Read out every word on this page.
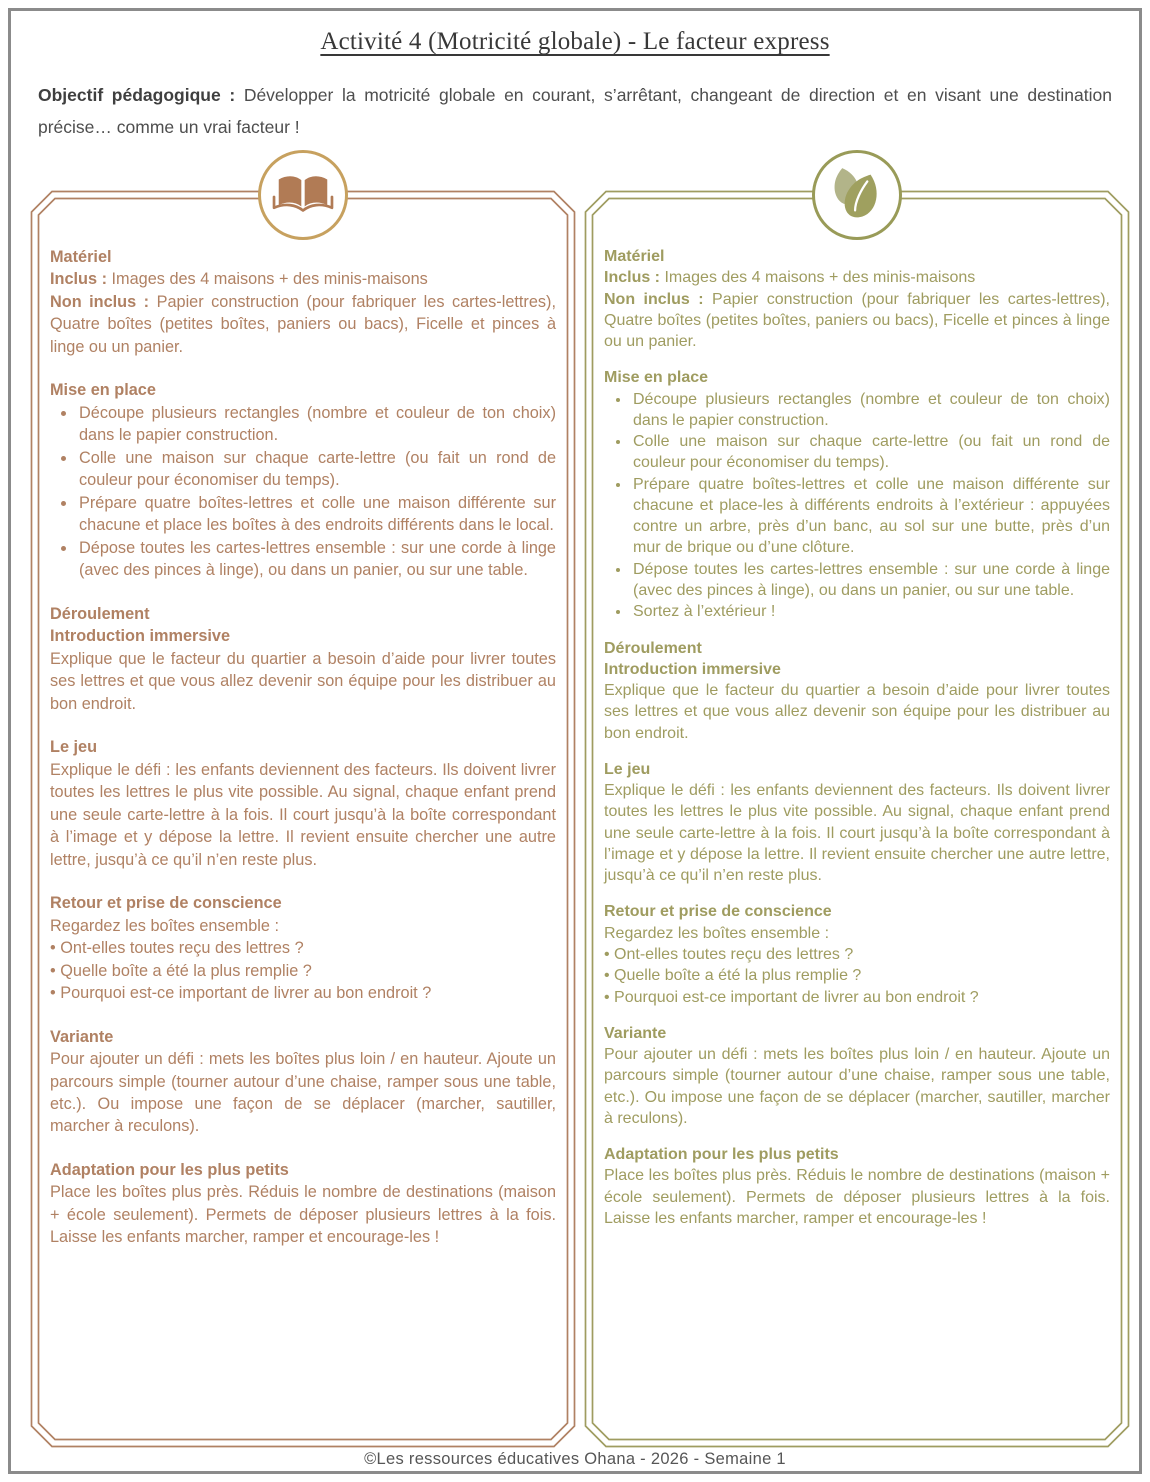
Activité 4 (Motricité globale) - Le facteur express
Objectif pédagogique : Développer la motricité globale en courant, s’arrêtant, changeant de direction et en visant une destination précise… comme un vrai facteur !
Matériel

Inclus : Images des 4 maisons + des minis-maisons

Non inclus : Papier construction (pour fabriquer les cartes-lettres), Quatre boîtes (petites boîtes, paniers ou bacs), Ficelle et pinces à linge ou un panier.

Mise en place
• Découpe plusieurs rectangles (nombre et couleur de ton choix) dans le papier construction.
• Colle une maison sur chaque carte-lettre (ou fait un rond de couleur pour économiser du temps).
• Prépare quatre boîtes-lettres et colle une maison différente sur chacune et place les boîtes à des endroits différents dans le local.
• Dépose toutes les cartes-lettres ensemble : sur une corde à linge (avec des pinces à linge), ou dans un panier, ou sur une table.
Déroulement
Introduction immersive

Explique que le facteur du quartier a besoin d’aide pour livrer toutes ses lettres et que vous allez devenir son équipe pour les distribuer au bon endroit.

Le jeu

Explique le défi : les enfants deviennent des facteurs. Ils doivent livrer toutes les lettres le plus vite possible. Au signal, chaque enfant prend une seule carte-lettre à la fois. Il court jusqu’à la boîte correspondant à l’image et y dépose la lettre. Il revient ensuite chercher une autre lettre, jusqu’à ce qu’il n’en reste plus.

Retour et prise de conscience

Regardez les boîtes ensemble :

• Ont-elles toutes reçu des lettres ?

• Quelle boîte a été la plus remplie ?

• Pourquoi est-ce important de livrer au bon endroit ?

Variante

Pour ajouter un défi : mets les boîtes plus loin / en hauteur. Ajoute un parcours simple (tourner autour d’une chaise, ramper sous une table, etc.). Ou impose une façon de se déplacer (marcher, sautiller, marcher à reculons).

Adaptation pour les plus petits

Place les boîtes plus près. Réduis le nombre de destinations (maison + école seulement). Permets de déposer plusieurs lettres à la fois. Laisse les enfants marcher, ramper et encourage-les !

Matériel

Inclus : Images des 4 maisons + des minis-maisons

Non inclus : Papier construction (pour fabriquer les cartes-lettres), Quatre boîtes (petites boîtes, paniers ou bacs), Ficelle et pinces à linge ou un panier.

Mise en place
• Découpe plusieurs rectangles (nombre et couleur de ton choix) dans le papier construction.
• Colle une maison sur chaque carte-lettre (ou fait un rond de couleur pour économiser du temps).
• Prépare quatre boîtes-lettres et colle une maison différente sur chacune et place-les à différents endroits à l’extérieur : appuyées contre un arbre, près d’un banc, au sol sur une butte, près d’un mur de brique ou d’une clôture.
• Dépose toutes les cartes-lettres ensemble : sur une corde à linge (avec des pinces à linge), ou dans un panier, ou sur une table.
• Sortez à l’extérieur !
Déroulement
Introduction immersive

Explique que le facteur du quartier a besoin d’aide pour livrer toutes ses lettres et que vous allez devenir son équipe pour les distribuer au bon endroit.

Le jeu

Explique le défi : les enfants deviennent des facteurs. Ils doivent livrer toutes les lettres le plus vite possible. Au signal, chaque enfant prend une seule carte-lettre à la fois. Il court jusqu’à la boîte correspondant à l’image et y dépose la lettre. Il revient ensuite chercher une autre lettre, jusqu’à ce qu’il n’en reste plus.

Retour et prise de conscience

Regardez les boîtes ensemble :

• Ont-elles toutes reçu des lettres ?

• Quelle boîte a été la plus remplie ?

• Pourquoi est-ce important de livrer au bon endroit ?

Variante

Pour ajouter un défi : mets les boîtes plus loin / en hauteur. Ajoute un parcours simple (tourner autour d’une chaise, ramper sous une table, etc.). Ou impose une façon de se déplacer (marcher, sautiller, marcher à reculons).

Adaptation pour les plus petits

Place les boîtes plus près. Réduis le nombre de destinations (maison + école seulement). Permets de déposer plusieurs lettres à la fois. Laisse les enfants marcher, ramper et encourage-les !

©Les ressources éducatives Ohana - 2026 - Semaine 1
